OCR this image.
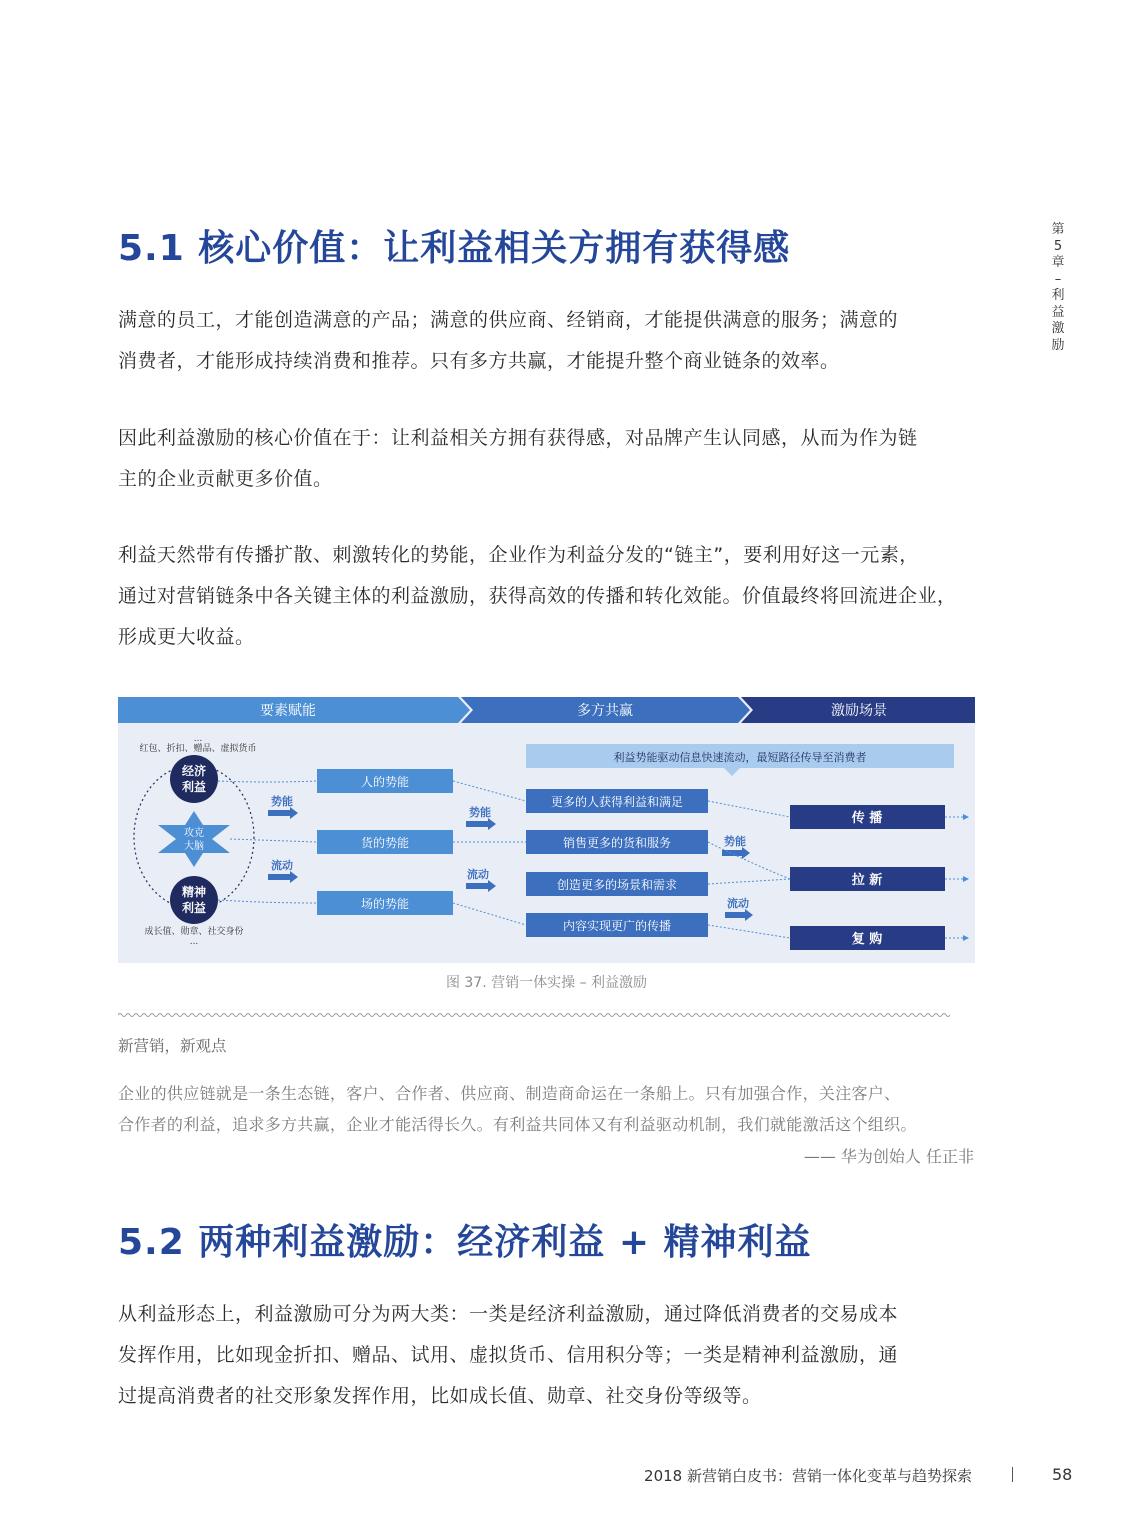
第
5
章
–
利
益
激
励
5.1 核心价值：让利益相关方拥有获得感
满意的员工，才能创造满意的产品；满意的供应商、经销商，才能提供满意的服务；满意的
消费者，才能形成持续消费和推荐。只有多方共赢，才能提升整个商业链条的效率。
因此利益激励的核心价值在于：让利益相关方拥有获得感，对品牌产生认同感，从而为作为链
主的企业贡献更多价值。
利益天然带有传播扩散、刺激转化的势能，企业作为利益分发的“链主”，要利用好这一元素，
通过对营销链条中各关键主体的利益激励，获得高效的传播和转化效能。价值最终将回流进企业，
形成更大收益。
要素赋能	多方共赢	激励场景
...
红包、折扣、赠品、虚拟货币
经济
利益
攻克
大脑
精神
利益
成长值、勋章、社交身份
...
势能
流动
人的势能
货的势能
场的势能
势能
流动
利益势能驱动信息快速流动，最短路径传导至消费者
更多的人获得利益和满足
销售更多的货和服务
创造更多的场景和需求
内容实现更广的传播
势能
流动
传 播
拉 新
复 购
图 37. 营销一体实操 – 利益激励
新营销，新观点
企业的供应链就是一条生态链，客户、合作者、供应商、制造商命运在一条船上。只有加强合作，关注客户、
合作者的利益，追求多方共赢，企业才能活得长久。有利益共同体又有利益驱动机制，我们就能激活这个组织。
—— 华为创始人 任正非
5.2 两种利益激励：经济利益 + 精神利益
从利益形态上，利益激励可分为两大类：一类是经济利益激励，通过降低消费者的交易成本
发挥作用，比如现金折扣、赠品、试用、虚拟货币、信用积分等；一类是精神利益激励，通
过提高消费者的社交形象发挥作用，比如成长值、勋章、社交身份等级等。
2018 新营销白皮书：营销一体化变革与趋势探索	58
